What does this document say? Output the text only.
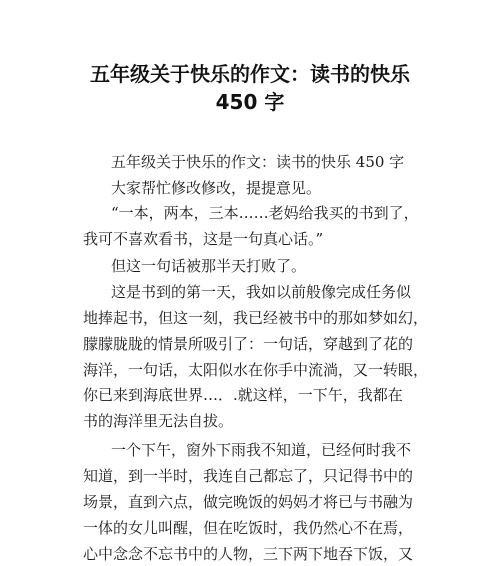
五年级关于快乐的作文：读书的快乐
450 字
五年级关于快乐的作文：读书的快乐 450 字
大家帮忙修改修改，提提意见。
“一本，两本，三本……老妈给我买的书到了，
我可不喜欢看书，这是一句真心话。”
但这一句话被那半天打败了。
这是书到的第一天，我如以前般像完成任务似
地捧起书，但这一刻，我已经被书中的那如梦如幻，
朦朦胧胧的情景所吸引了：一句话，穿越到了花的
海洋，一句话，太阳似水在你手中流淌，又一转眼，
你已来到海底世界…．.就这样，一下午，我都在
书的海洋里无法自拔。
一个下午，窗外下雨我不知道，已经何时我不
知道，到一半时，我连自己都忘了，只记得书中的
场景，直到六点，做完晚饭的妈妈才将已与书融为
一体的女儿叫醒，但在吃饭时，我仍然心不在焉，
心中念念不忘书中的人物，三下两下地吞下饭，又
